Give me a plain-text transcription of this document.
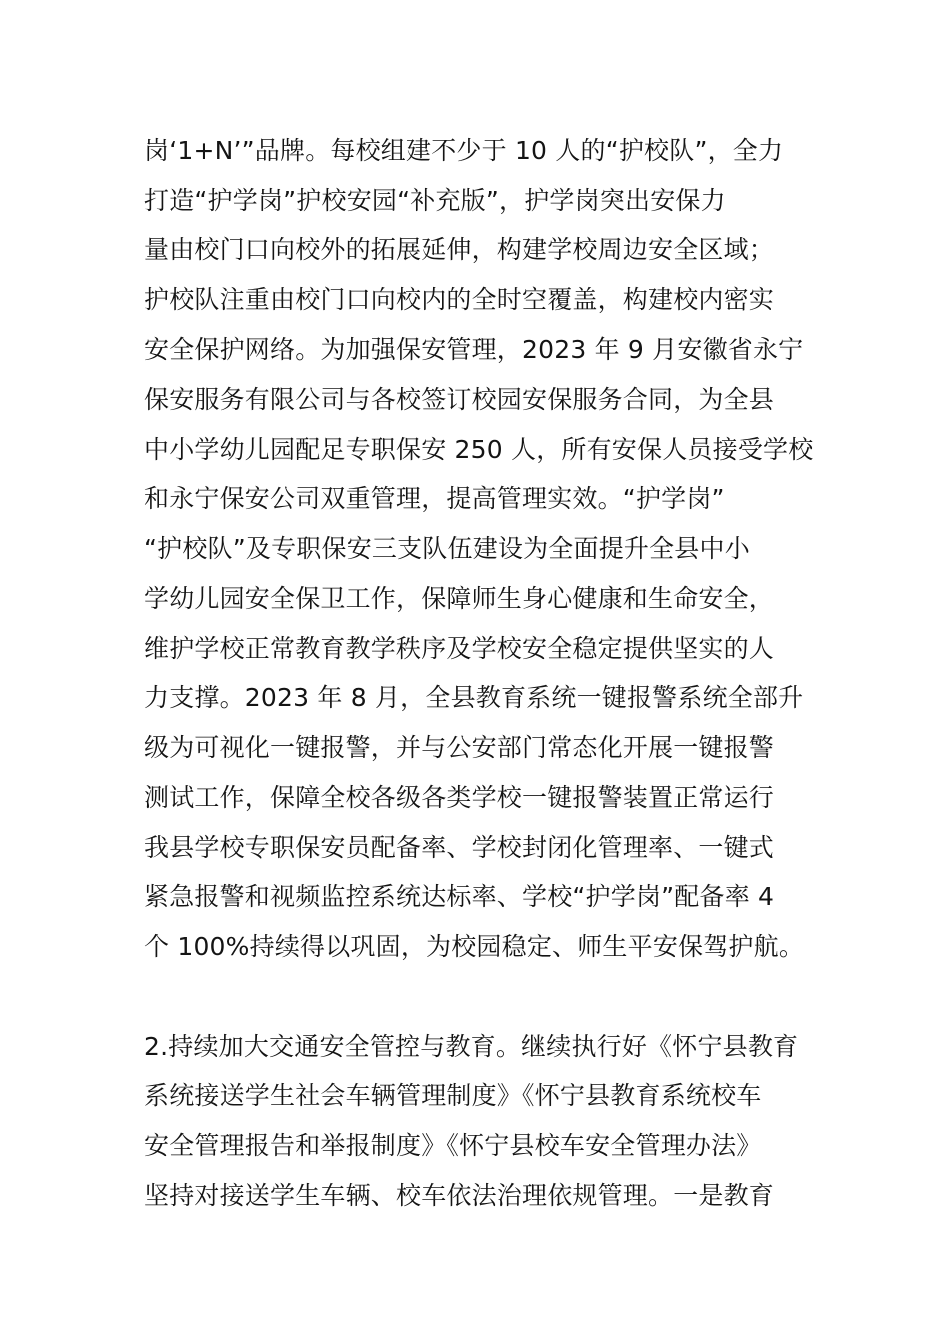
岗‘1+N’”品牌。每校组建不少于 10 人的“护校队”，全力
打造“护学岗”护校安园“补充版”，护学岗突出安保力
量由校门口向校外的拓展延伸，构建学校周边安全区域；
护校队注重由校门口向校内的全时空覆盖，构建校内密实
安全保护网络。为加强保安管理，2023 年 9 月安徽省永宁
保安服务有限公司与各校签订校园安保服务合同，为全县
中小学幼儿园配足专职保安 250 人，所有安保人员接受学校
和永宁保安公司双重管理，提高管理实效。“护学岗”
“护校队”及专职保安三支队伍建设为全面提升全县中小
学幼儿园安全保卫工作，保障师生身心健康和生命安全，
维护学校正常教育教学秩序及学校安全稳定提供坚实的人
力支撑。2023 年 8 月，全县教育系统一键报警系统全部升
级为可视化一键报警，并与公安部门常态化开展一键报警
测试工作，保障全校各级各类学校一键报警装置正常运行
我县学校专职保安员配备率、学校封闭化管理率、一键式
紧急报警和视频监控系统达标率、学校“护学岗”配备率 4
个 100%持续得以巩固，为校园稳定、师生平安保驾护航。
2.持续加大交通安全管控与教育。继续执行好《怀宁县教育
系统接送学生社会车辆管理制度》《怀宁县教育系统校车
安全管理报告和举报制度》《怀宁县校车安全管理办法》
坚持对接送学生车辆、校车依法治理依规管理。一是教育
